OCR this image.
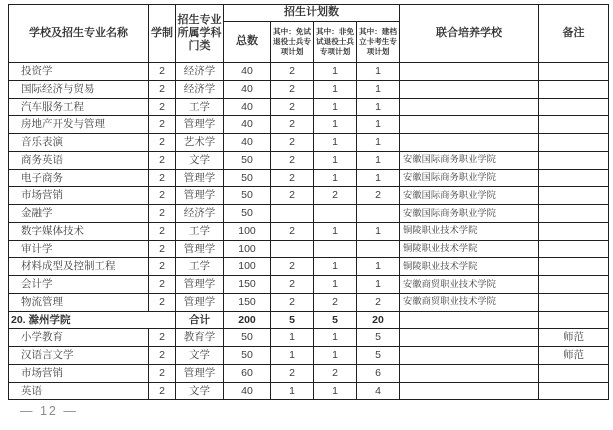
学校及招生专业名称	学制	招生专业所属学科门类	招生计划数				联合培养学校	备注
			总数	其中：免试退役士兵专项计划	其中：非免试退役士兵专项计划	其中：建档立卡考生专项计划		
投资学	2	经济学	40	2	1	1		
国际经济与贸易	2	经济学	40	2	1	1		
汽车服务工程	2	工学	40	2	1	1		
房地产开发与管理	2	管理学	40	2	1	1		
音乐表演	2	艺术学	40	2	1	1		
商务英语	2	文学	50	2	1	1	安徽国际商务职业学院	
电子商务	2	管理学	50	2	1	1	安徽国际商务职业学院	
市场营销	2	管理学	50	2	2	2	安徽国际商务职业学院	
金融学	2	经济学	50				安徽国际商务职业学院	
数字媒体技术	2	工学	100	2	1	1	铜陵职业技术学院	
审计学	2	管理学	100				铜陵职业技术学院	
材料成型及控制工程	2	工学	100	2	1	1	铜陵职业技术学院	
会计学	2	管理学	150	2	1	1	安徽商贸职业技术学院	
物流管理	2	管理学	150	2	2	2	安徽商贸职业技术学院	
20. 滁州学院		合计	200	5	5	20		
小学教育	2	教育学	50	1	1	5		师范
汉语言文学	2	文学	50	1	1	5		师范
市场营销	2	管理学	60	2	2	6		
英语	2	文学	40	1	1	4		
— 12 —
